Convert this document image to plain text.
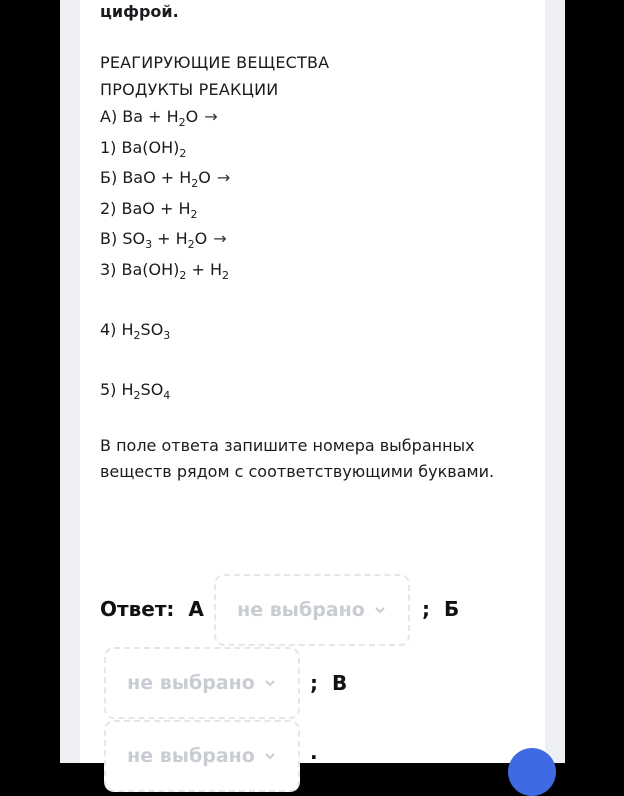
цифрой.
РЕАГИРУЮЩИЕ ВЕЩЕСТВА
ПРОДУКТЫ РЕАКЦИИ
А) $Ba + H_2O$ →
1) $Ba(OH)_2$
Б) BaO + $H_2O$ →
2) BaO + $H_2$
В) $SO_3 + H_2O$ →
3) $Ba(OH)_2 + H_2$
4) $H_2SO_3$
5) $H_2SO_4$
В поле ответа запишите номера выбранных
веществ рядом с соответствующими буквами.
Ответ: А не выбрано	; Б
не выбрано	; В
не выбрано	.
